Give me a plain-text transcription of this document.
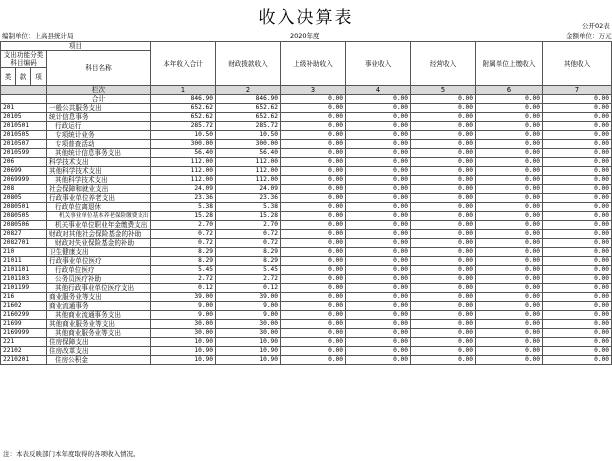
收入决算表	公开02表
编制单位：上高县统计局	2020年度	金额单位：万元
项目				本年收入合计	财政拨款收入	上级补助收入	事业收入	经营收入	附属单位上缴收入	其他收入
支出功能分类科目编码			科目名称							

类	款	项								
			栏次	1	2	3	4	5	6	7
			合计	846.90	846.90	0.00	0.00	0.00	0.00	0.00
201			一般公共服务支出	652.62	652.62	0.00	0.00	0.00	0.00	0.00
20105			统计信息事务	652.62	652.62	0.00	0.00	0.00	0.00	0.00
2010501			行政运行	285.72	285.72	0.00	0.00	0.00	0.00	0.00
2010505			专项统计业务	10.50	10.50	0.00	0.00	0.00	0.00	0.00
2010507			专项普查活动	300.00	300.00	0.00	0.00	0.00	0.00	0.00
2010599			其他统计信息事务支出	56.40	56.40	0.00	0.00	0.00	0.00	0.00
206			科学技术支出	112.00	112.00	0.00	0.00	0.00	0.00	0.00
20699			其他科学技术支出	112.00	112.00	0.00	0.00	0.00	0.00	0.00
2069999			其他科学技术支出	112.00	112.00	0.00	0.00	0.00	0.00	0.00
208			社会保障和就业支出	24.09	24.09	0.00	0.00	0.00	0.00	0.00
20805			行政事业单位养老支出	23.36	23.36	0.00	0.00	0.00	0.00	0.00
2080501			行政单位离退休	5.38	5.38	0.00	0.00	0.00	0.00	0.00
2080505			机关事业单位基本养老保险缴费支出	15.28	15.28	0.00	0.00	0.00	0.00	0.00
2080506			机关事业单位职业年金缴费支出	2.70	2.70	0.00	0.00	0.00	0.00	0.00
20827			财政对其他社会保险基金的补助	0.72	0.72	0.00	0.00	0.00	0.00	0.00
2082701			财政对失业保险基金的补助	0.72	0.72	0.00	0.00	0.00	0.00	0.00
210			卫生健康支出	8.29	8.29	0.00	0.00	0.00	0.00	0.00
21011			行政事业单位医疗	8.29	8.29	0.00	0.00	0.00	0.00	0.00
2101101			行政单位医疗	5.45	5.45	0.00	0.00	0.00	0.00	0.00
2101103			公务员医疗补助	2.72	2.72	0.00	0.00	0.00	0.00	0.00
2101199			其他行政事业单位医疗支出	0.12	0.12	0.00	0.00	0.00	0.00	0.00
216			商业服务业等支出	39.00	39.00	0.00	0.00	0.00	0.00	0.00
21602			商业流通事务	9.00	9.00	0.00	0.00	0.00	0.00	0.00
2160299			其他商业流通事务支出	9.00	9.00	0.00	0.00	0.00	0.00	0.00
21699			其他商业服务业等支出	30.00	30.00	0.00	0.00	0.00	0.00	0.00
2169999			其他商业服务业等支出	30.00	30.00	0.00	0.00	0.00	0.00	0.00
221			住房保障支出	10.90	10.90	0.00	0.00	0.00	0.00	0.00
22102			住房改革支出	10.90	10.90	0.00	0.00	0.00	0.00	0.00
2210201			住房公积金	10.90	10.90	0.00	0.00	0.00	0.00	0.00
注：本表反映部门本年度取得的各项收入情况。
